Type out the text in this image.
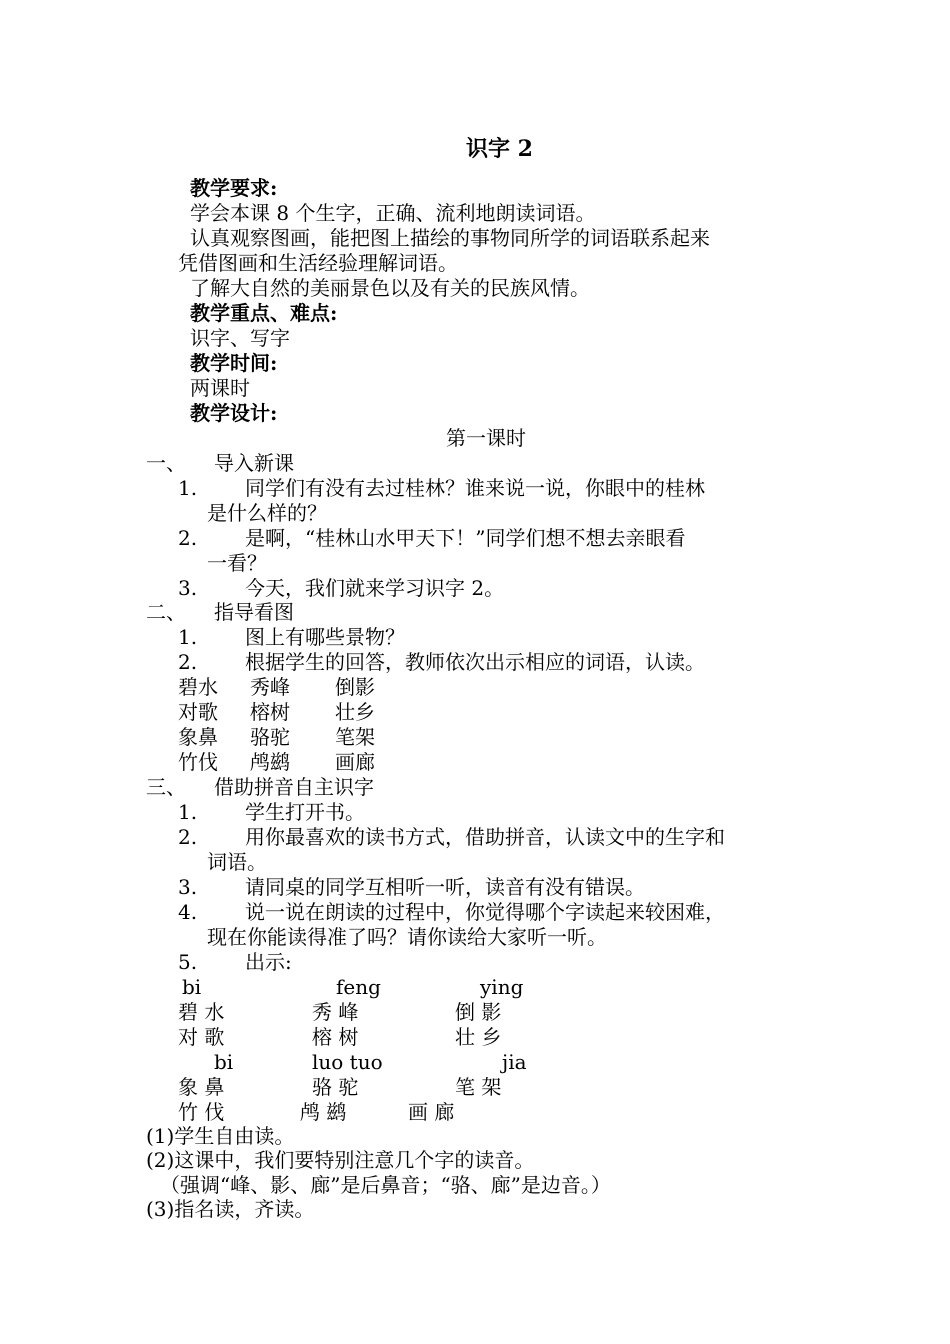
识字 2
教学要求:
学会本课 8 个生字，正确、流利地朗读词语。
认真观察图画，能把图上描绘的事物同所学的词语联系起来
凭借图画和生活经验理解词语。
了解大自然的美丽景色以及有关的民族风情。
教学重点、难点:
识字、写字
教学时间:
两课时
教学设计:
第一课时
一、 导入新课
1. 同学们有没有去过桂林？谁来说一说，你眼中的桂林
是什么样的？
2. 是啊，“桂林山水甲天下！”同学们想不想去亲眼看
一看？
3. 今天，我们就来学习识字 2。
二、 指导看图
1. 图上有哪些景物？
2. 根据学生的回答，教师依次出示相应的词语，认读。
碧水 秀峰 倒影
对歌 榕树 壮乡
象鼻 骆驼 笔架
竹伐 鸬鹚 画廊
三、 借助拼音自主识字
1. 学生打开书。
2. 用你最喜欢的读书方式，借助拼音，认读文中的生字和
词语。
3. 请同桌的同学互相听一听，读音有没有错误。
4. 说一说在朗读的过程中，你觉得哪个字读起来较困难，
现在你能读得准了吗？请你读给大家听一听。
5. 出示:
bi	feng	ying
碧 水	秀 峰	倒 影
对 歌	榕 树	壮 乡
bi	luo tuo	jia
象 鼻	骆 驼	笔 架
竹 伐	鸬 鹚	画 廊
(1)学生自由读。
(2)这课中，我们要特别注意几个字的读音。
（强调“峰、影、廊”是后鼻音；“骆、廊”是边音。）
(3)指名读，齐读。
